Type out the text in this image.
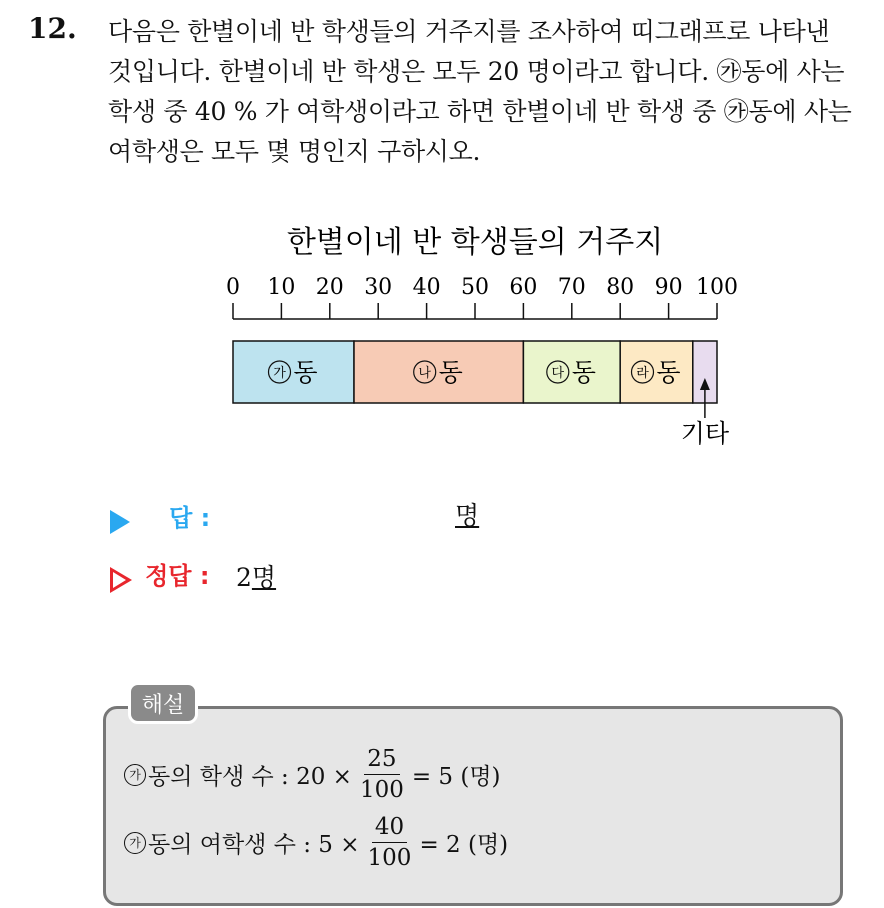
12. 다음은 한별이네 반 학생들의 거주지를 조사하여 띠그래프로 나타낸
것입니다. 한별이네 반 학생은 모두 20 명이라고 합니다. ㉮동에 사는
학생 중 40 % 가 여학생이라고 하면 한별이네 반 학생 중 ㉮동에 사는
여학생은 모두 몇 명인지 구하시오.
한별이네 반 학생들의 거주지
0 10 20 30 40 50 60 70 80 90 100
가 동	나 동	다 동	라 동
기타
답 :	명
정답 : 2명
해설
가 동의 학생 수 : $20 \times \frac{25}{100} = 5$ (명)
가 동의 여학생 수 : $5 \times \frac{40}{100} = 2$ (명)
